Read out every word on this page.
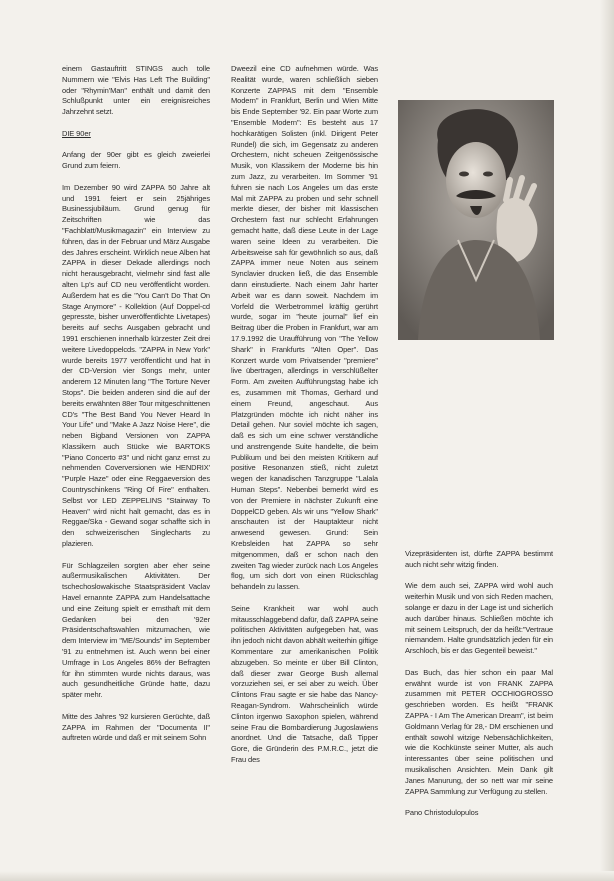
einem Gastauftritt STINGS auch tolle Nummern wie "Elvis Has Left The Building" oder "Rhymin'Man" enthält und damit den Schlußpunkt unter ein ereignisreiches Jahrzehnt setzt.

DIE 90er

Anfang der 90er gibt es gleich zweierlei Grund zum feiern.

Im Dezember 90 wird ZAPPA 50 Jahre alt und 1991 feiert er sein 25jähriges Businessjubiläum. Grund genug für Zeitschriften wie das "Fachblatt/Musikmagazin" ein Interview zu führen, das in der Februar und März Ausgabe des Jahres erscheint. Wirklich neue Alben hat ZAPPA in dieser Dekade allerdings noch nicht herausgebracht, vielmehr sind fast alle alten Lp's auf CD neu veröffentlicht worden. Außerdem hat es die "You Can't Do That On Stage Anymore" - Kollektion (Auf Doppel-cd gepresste, bisher unveröffentlichte Livetapes) bereits auf sechs Ausgaben gebracht und 1991 erschienen innerhalb kürzester Zeit drei weitere Livedoppelcds. "ZAPPA in New York" wurde bereits 1977 veröffentlicht und hat in der CD-Version vier Songs mehr, unter anderem 12 Minuten lang "The Torture Never Stops". Die beiden anderen sind die auf der bereits erwähnten 88er Tour mitgeschnittenen CD's "The Best Band You Never Heard In Your Life" und "Make A Jazz Noise Here", die neben Bigband Versionen von ZAPPA Klassikern auch Stücke wie BARTOKS "Piano Concerto #3" und nicht ganz ernst zu nehmenden Coverversionen wie HENDRIX' "Purple Haze" oder eine Reggaeversion des Countryschinkens "Ring Of Fire" enthalten. Selbst vor LED ZEPPELINS "Stairway To Heaven" wird nicht halt gemacht, das es in Reggae/Ska - Gewand sogar schaffte sich in den schweizerischen Singlecharts zu plazieren.

Für Schlagzeilen sorgten aber eher seine außermusikalischen Aktivitäten. Der tschechoslowakische Staatspräsident Vaclav Havel ernannte ZAPPA zum Handelsattache und eine Zeitung spielt er ernsthaft mit dem Gedanken bei den '92er Präsidentschaftswahlen mitzumachen, wie dem Interview im "ME/Sounds" im September '91 zu entnehmen ist. Auch wenn bei einer Umfrage in Los Angeles 86% der Befragten für ihn stimmten wurde nichts daraus, was auch gesundheitliche Gründe hatte, dazu später mehr.

Mitte des Jahres '92 kursieren Gerüchte, daß ZAPPA im Rahmen der "Documenta II" auftreten würde und daß er mit seinem Sohn

Dweezil eine CD aufnehmen würde. Was Realität wurde, waren schließlich sieben Konzerte ZAPPAS mit dem "Ensemble Modern" in Frankfurt, Berlin und Wien Mitte bis Ende September '92. Ein paar Worte zum "Ensemble Modern": Es besteht aus 17 hochkarätigen Solisten (inkl. Dirigent Peter Rundel) die sich, im Gegensatz zu anderen Orchestern, nicht scheuen Zeitgenössische Musik, von Klassikern der Moderne bis hin zum Jazz, zu verarbeiten. Im Sommer '91 fuhren sie nach Los Angeles um das erste Mal mit ZAPPA zu proben und sehr schnell merkte dieser, der bisher mit klassischen Orchestern fast nur schlecht Erfahrungen gemacht hatte, daß diese Leute in der Lage waren seine Ideen zu verarbeiten. Die Arbeitsweise sah für gewöhnlich so aus, daß ZAPPA immer neue Noten aus seinem Synclavier drucken ließ, die das Ensemble dann einstudierte. Nach einem Jahr harter Arbeit war es dann soweit. Nachdem im Vorfeld die Werbetrommel kräftig gerührt wurde, sogar im "heute journal" lief ein Beitrag über die Proben in Frankfurt, war am 17.9.1992 die Uraufführung von "The Yellow Shark" in Frankfurts "Alten Oper". Das Konzert wurde vom Privatsender "premiere" live übertragen, allerdings in verschlüßelter Form. Am zweiten Aufführungstag habe ich es, zusammen mit Thomas, Gerhard und einem Freund, angeschaut. Aus Platzgründen möchte ich nicht näher ins Detail gehen. Nur soviel möchte ich sagen, daß es sich um eine schwer verständliche und anstrengende Suite handelte, die beim Publikum und bei den meisten Kritikern auf positive Resonanzen stieß, nicht zuletzt wegen der kanadischen Tanzgruppe "Lalala Human Steps". Nebenbei bemerkt wird es von der Premiere in nächster Zukunft eine DoppelCD geben. Als wir uns "Yellow Shark" anschauten ist der Hauptakteur nicht anwesend gewesen. Grund: Sein Krebsleiden hat ZAPPA so sehr mitgenommen, daß er schon nach den zweiten Tag wieder zurück nach Los Angeles flog, um sich dort von einen Rückschlag behandeln zu lassen.

Seine Krankheit war wohl auch mitausschlaggebend dafür, daß ZAPPA seine politischen Aktivitäten aufgegeben hat, was ihn jedoch nicht davon abhält weiterhin giftige Kommentare zur amerikanischen Politik abzugeben. So meinte er über Bill Clinton, daß dieser zwar George Bush allemal vorzuziehen sei, er sei aber zu weich. Über Clintons Frau sagte er sie habe das Nancy-Reagan-Syndrom. Wahrscheinlich würde Clinton irgenwo Saxophon spielen, während seine Frau die Bombardierung Jugoslawiens anordnet. Und die Tatsache, daß Tipper Gore, die Gründerin des P.M.R.C., jetzt die Frau des

Vizepräsidenten ist, dürfte ZAPPA bestimmt auch nicht sehr witzig finden.

Wie dem auch sei, ZAPPA wird wohl auch weiterhin Musik und von sich Reden machen, solange er dazu in der Lage ist und sicherlich auch darüber hinaus. Schließen möchte ich mit seinem Leitspruch, der da heißt:"Vertraue niemandem. Halte grundsätzlich jeden für ein Arschloch, bis er das Gegenteil beweist."

Das Buch, das hier schon ein paar Mal erwähnt wurde ist von FRANK ZAPPA zusammen mit PETER OCCHIOGROSSO geschrieben worden. Es heißt "FRANK ZAPPA - I Am The American Dream", ist beim Goldmann Verlag für 28,- DM erschienen und enthält sowohl witzige Nebensächlichkeiten, wie die Kochkünste seiner Mutter, als auch interessantes über seine politischen und musikalischen Ansichten. Mein Dank gilt Janes Manurung, der so nett war mir seine ZAPPA Sammlung zur Verfügung zu stellen.

Pano Christodulopulos
